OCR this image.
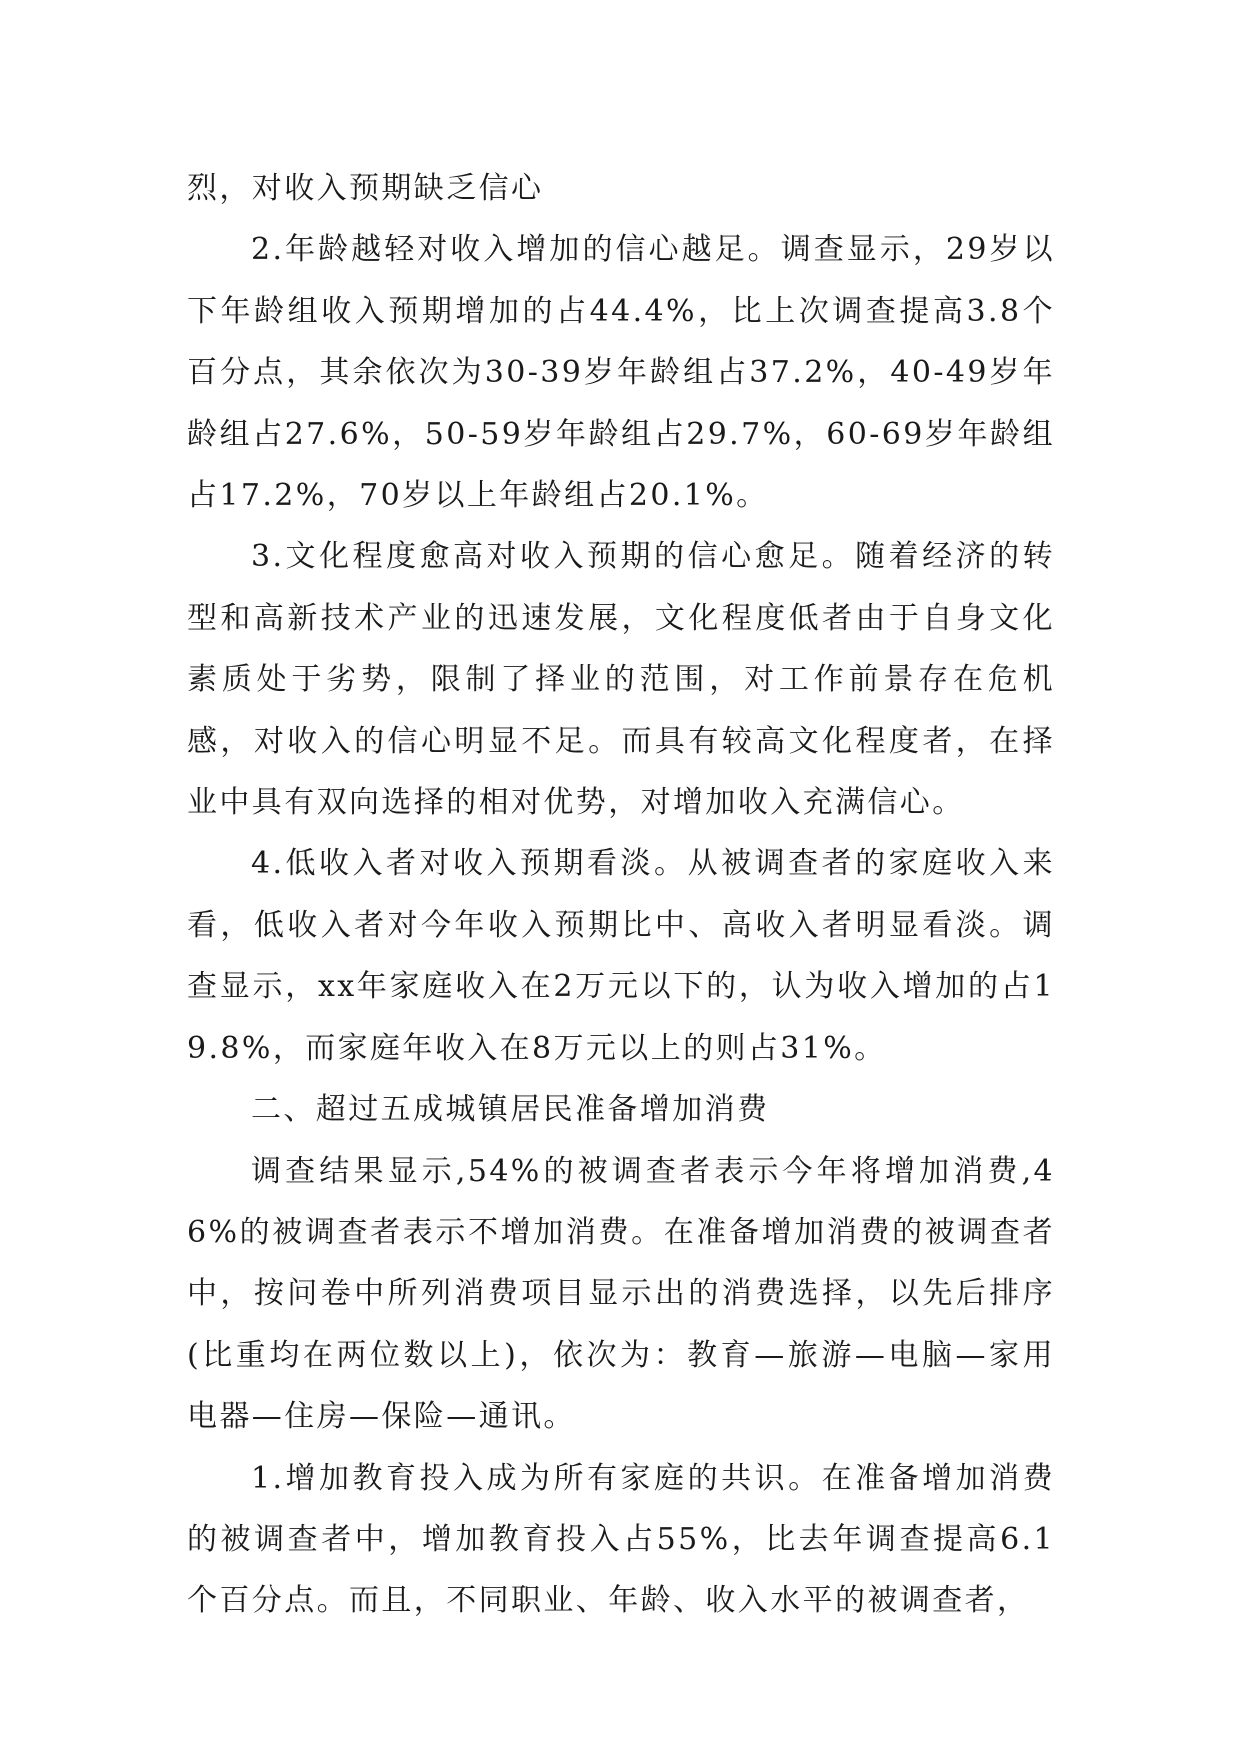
烈，对收入预期缺乏信心

2.年龄越轻对收入增加的信心越足。调查显示，29岁以下年龄组收入预期增加的占44.4%，比上次调查提高3.8个百分点，其余依次为30-39岁年龄组占37.2%，40-49岁年龄组占27.6%，50-59岁年龄组占29.7%，60-69岁年龄组占17.2%，70岁以上年龄组占20.1%。

3.文化程度愈高对收入预期的信心愈足。随着经济的转型和高新技术产业的迅速发展，文化程度低者由于自身文化素质处于劣势，限制了择业的范围，对工作前景存在危机感，对收入的信心明显不足。而具有较高文化程度者，在择业中具有双向选择的相对优势，对增加收入充满信心。

4.低收入者对收入预期看淡。从被调查者的家庭收入来看，低收入者对今年收入预期比中、高收入者明显看淡。调查显示，xx年家庭收入在2万元以下的，认为收入增加的占19.8%，而家庭年收入在8万元以上的则占31%。

二、超过五成城镇居民准备增加消费

调查结果显示,54%的被调查者表示今年将增加消费,46%的被调查者表示不增加消费。在准备增加消费的被调查者中，按问卷中所列消费项目显示出的消费选择，以先后排序(比重均在两位数以上)，依次为：教育—旅游—电脑—家用电器—住房—保险—通讯。

1.增加教育投入成为所有家庭的共识。在准备增加消费的被调查者中，增加教育投入占55%，比去年调查提高6.1个百分点。而且，不同职业、年龄、收入水平的被调查者，
